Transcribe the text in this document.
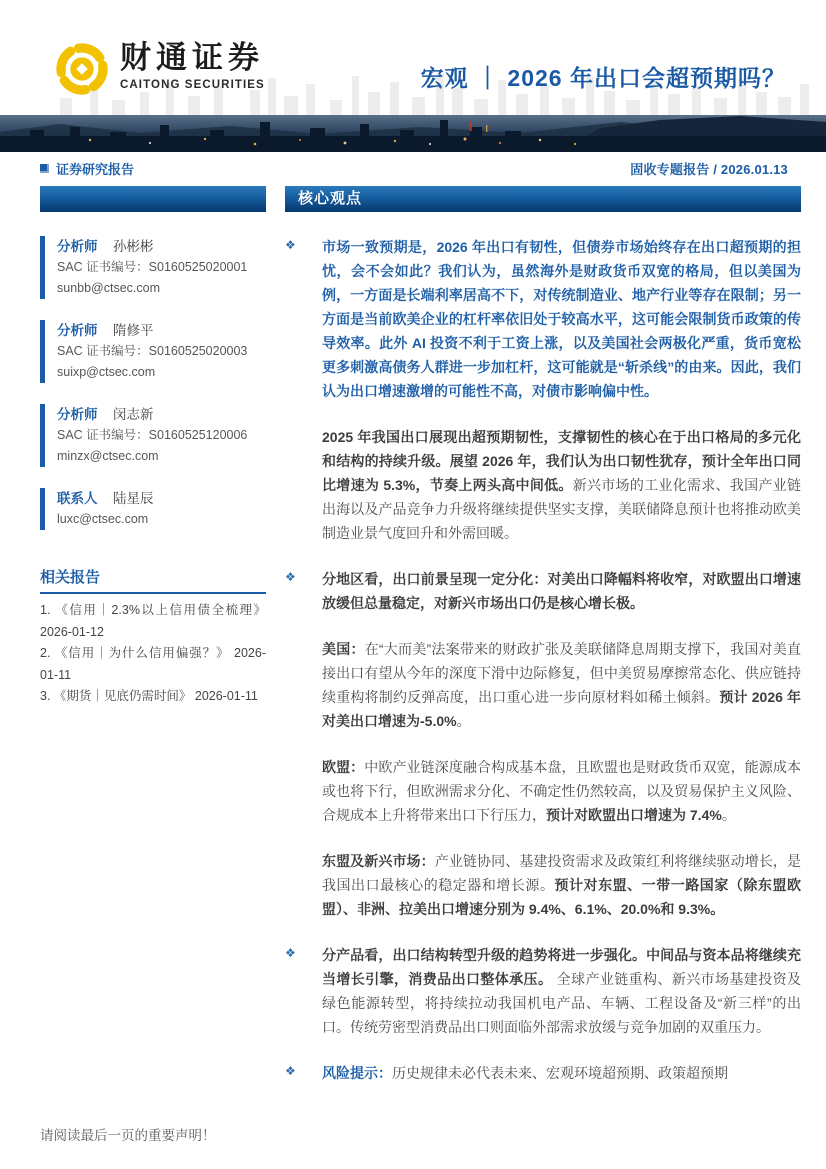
财通证券
CAITONG SECURITIES	宏观 ｜ 2026 年出口会超预期吗？
证券研究报告	固收专题报告 / 2026.01.13
分析师 孙彬彬
SAC 证书编号：S0160525020001
sunbb@ctsec.com
分析师 隋修平
SAC 证书编号：S0160525020003
suixp@ctsec.com
分析师 闵志新
SAC 证书编号：S0160525120006
minzx@ctsec.com
联系人 陆星辰
luxc@ctsec.com
相关报告
1. 《信用｜2.3%以上信用债全梳理》 2026-01-12
2. 《信用｜为什么信用偏强？》 2026-01-11
3. 《期货｜见底仍需时间》 2026-01-11
核心观点
❖	市场一致预期是，2026 年出口有韧性，但债券市场始终存在出口超预期的担忧，会不会如此？我们认为，虽然海外是财政货币双宽的格局，但以美国为例，一方面是长端利率居高不下，对传统制造业、地产行业等存在限制；另一方面是当前欧美企业的杠杆率依旧处于较高水平，这可能会限制货币政策的传导效率。此外 AI 投资不利于工资上涨，以及美国社会两极化严重，货币宽松更多刺激高债务人群进一步加杠杆，这可能就是“斩杀线”的由来。因此，我们认为出口增速激增的可能性不高，对债市影响偏中性。
2025 年我国出口展现出超预期韧性，支撑韧性的核心在于出口格局的多元化和结构的持续升级。展望 2026 年，我们认为出口韧性犹存，预计全年出口同比增速为 5.3%，节奏上两头高中间低。新兴市场的工业化需求、我国产业链出海以及产品竞争力升级将继续提供坚实支撑，美联储降息预计也将推动欧美制造业景气度回升和外需回暖。
❖	分地区看，出口前景呈现一定分化：对美出口降幅料将收窄，对欧盟出口增速放缓但总量稳定，对新兴市场出口仍是核心增长极。
美国：在“大而美”法案带来的财政扩张及美联储降息周期支撑下，我国对美直接出口有望从今年的深度下滑中边际修复，但中美贸易摩擦常态化、供应链持续重构将制约反弹高度，出口重心进一步向原材料如稀土倾斜。预计 2026 年对美出口增速为-5.0%。
欧盟：中欧产业链深度融合构成基本盘，且欧盟也是财政货币双宽，能源成本或也将下行，但欧洲需求分化、不确定性仍然较高，以及贸易保护主义风险、合规成本上升将带来出口下行压力，预计对欧盟出口增速为 7.4%。
东盟及新兴市场：产业链协同、基建投资需求及政策红利将继续驱动增长，是我国出口最核心的稳定器和增长源。预计对东盟、一带一路国家（除东盟欧盟）、非洲、拉美出口增速分别为 9.4%、6.1%、20.0%和 9.3%。
❖	分产品看，出口结构转型升级的趋势将进一步强化。中间品与资本品将继续充当增长引擎，消费品出口整体承压。 全球产业链重构、新兴市场基建投资及绿色能源转型，将持续拉动我国机电产品、车辆、工程设备及“新三样”的出口。传统劳密型消费品出口则面临外部需求放缓与竞争加剧的双重压力。
❖	风险提示：历史规律未必代表未来、宏观环境超预期、政策超预期
请阅读最后一页的重要声明！
